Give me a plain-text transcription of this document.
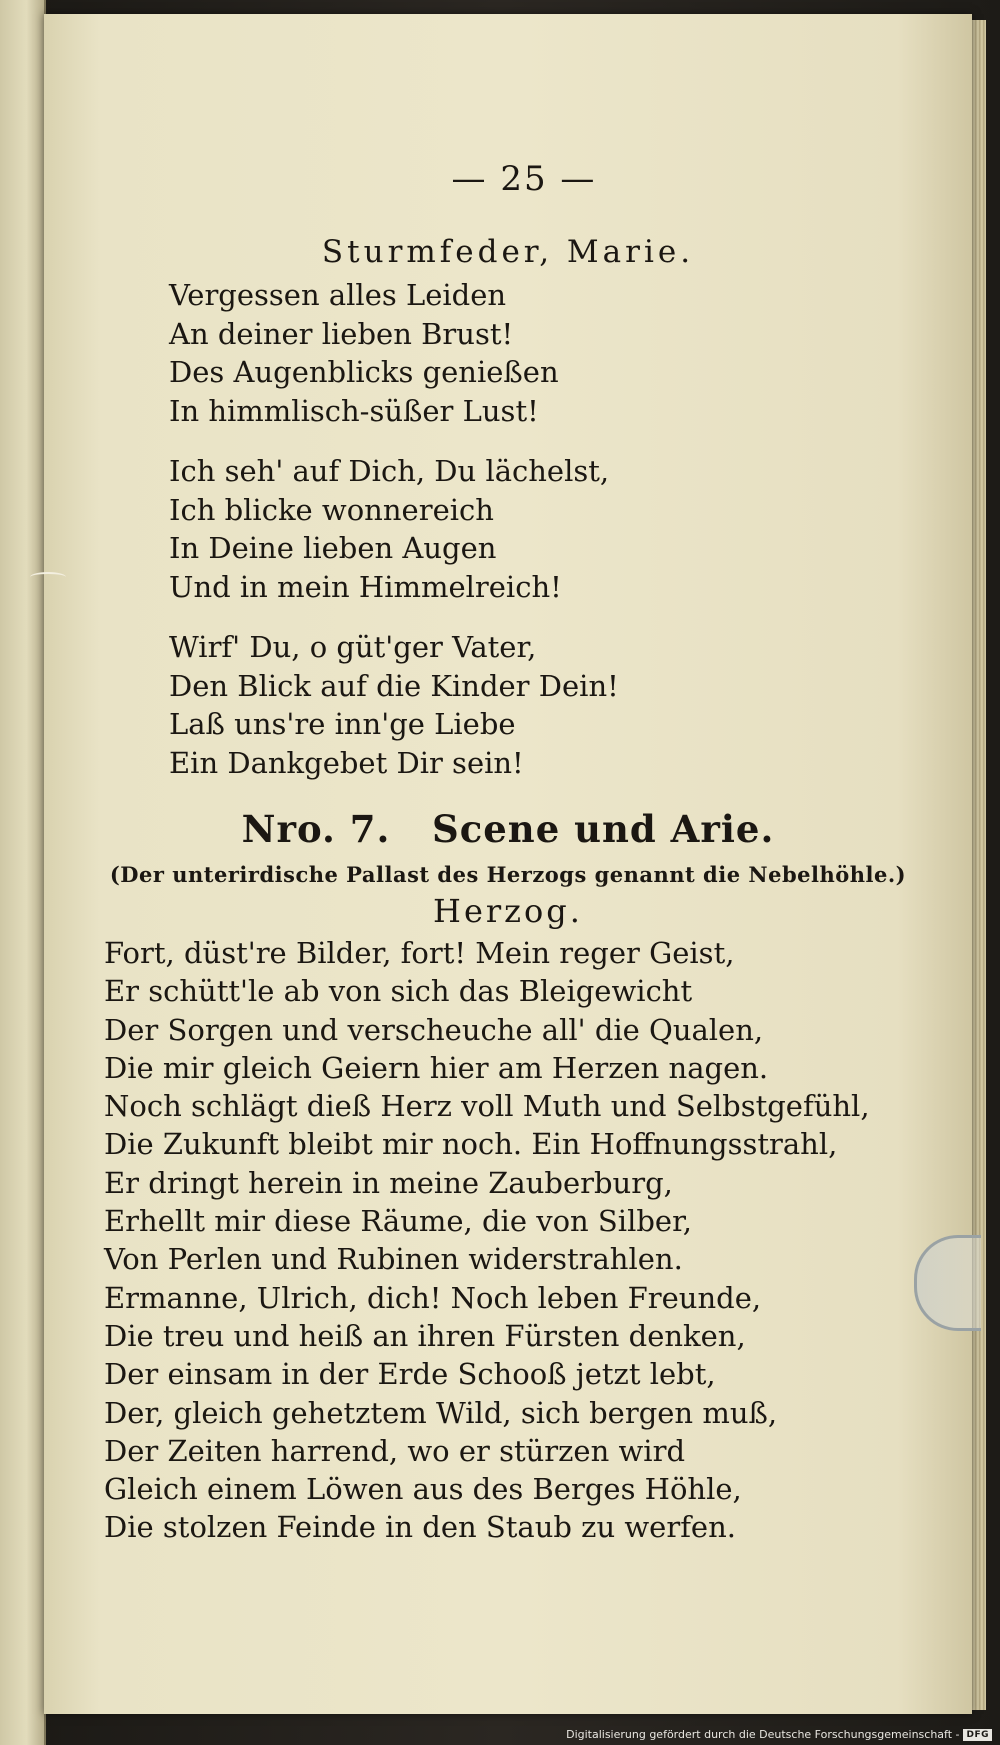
— 25 —
Sturmfeder, Marie.
Vergessen alles Leiden
An deiner lieben Brust!
Des Augenblicks genießen
In himmlisch-süßer Lust!
Ich seh' auf Dich, Du lächelst,
Ich blicke wonnereich
In Deine lieben Augen
Und in mein Himmelreich!
Wirf' Du, o güt'ger Vater,
Den Blick auf die Kinder Dein!
Laß uns're inn'ge Liebe
Ein Dankgebet Dir sein!
Nro. 7.   Scene und Arie.
(Der unterirdische Pallast des Herzogs genannt die Nebelhöhle.)
Herzog.
Fort, düst're Bilder, fort! Mein reger Geist,
Er schütt'le ab von sich das Bleigewicht
Der Sorgen und verscheuche all' die Qualen,
Die mir gleich Geiern hier am Herzen nagen.
Noch schlägt dieß Herz voll Muth und Selbstgefühl,
Die Zukunft bleibt mir noch. Ein Hoffnungsstrahl,
Er dringt herein in meine Zauberburg,
Erhellt mir diese Räume, die von Silber,
Von Perlen und Rubinen widerstrahlen.
Ermanne, Ulrich, dich! Noch leben Freunde,
Die treu und heiß an ihren Fürsten denken,
Der einsam in der Erde Schooß jetzt lebt,
Der, gleich gehetztem Wild, sich bergen muß,
Der Zeiten harrend, wo er stürzen wird
Gleich einem Löwen aus des Berges Höhle,
Die stolzen Feinde in den Staub zu werfen.
Digitalisierung gefördert durch die Deutsche Forschungsgemeinschaft - DFG
